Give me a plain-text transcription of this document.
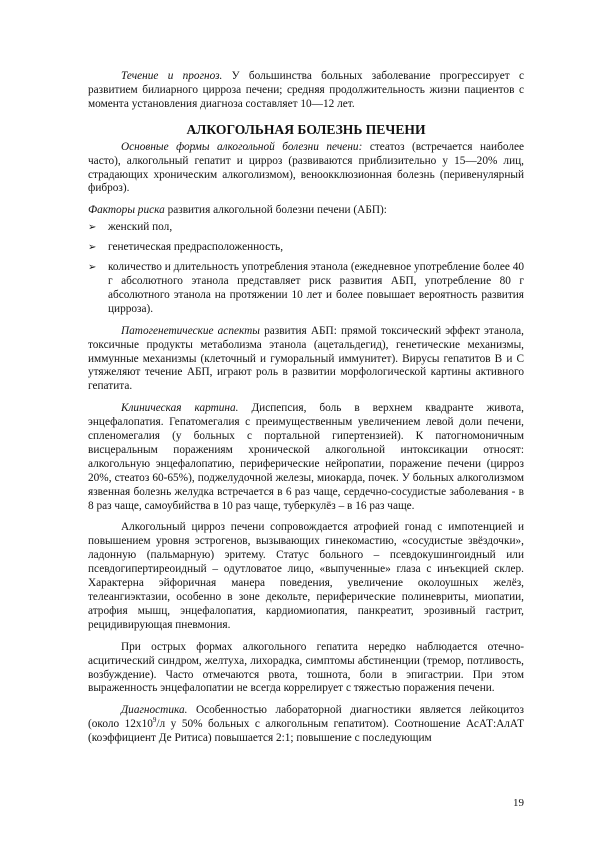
Течение и прогноз. У большинства больных заболевание прогрессирует с развитием билиарного цирроза печени; средняя продолжительность жизни пациентов с момента установления диагноза составляет 10—12 лет.

АЛКОГОЛЬНАЯ БОЛЕЗНЬ ПЕЧЕНИ

Основные формы алкогольной болезни печени: стеатоз (встречается наиболее часто), алкогольный гепатит и цирроз (развиваются приблизительно у 15—20% лиц, страдающих хроническим алкоголизмом), веноокклюзионная болезнь (перивенулярный фиброз).

Факторы риска развития алкогольной болезни печени (АБП):

➢	женский пол,
➢	генетическая предрасположенность,
➢	количество и длительность употребления этанола (ежедневное употребление более 40 г абсолютного этанола представляет риск развития АБП, употребление 80 г абсолютного этанола на протяжении 10 лет и более повышает вероятность развития цирроза).

Патогенетические аспекты развития АБП: прямой токсический эффект этанола, токсичные продукты метаболизма этанола (ацетальдегид), генетические механизмы, иммунные механизмы (клеточный и гуморальный иммунитет). Вирусы гепатитов В и С утяжеляют течение АБП, играют роль в развитии морфологической картины активного гепатита.

Клиническая картина. Диспепсия, боль в верхнем квадранте живота, энцефалопатия. Гепатомегалия с преимущественным увеличением левой доли печени, спленомегалия (у больных с портальной гипертензией). К патогномоничным висцеральным поражениям хронической алкогольной интоксикации относят: алкогольную энцефалопатию, периферические нейропатии, поражение печени (цирроз 20%, стеатоз 60-65%), поджелудочной железы, миокарда, почек. У больных алкоголизмом язвенная болезнь желудка встречается в 6 раз чаще, сердечно-сосудистые заболевания - в 8 раз чаще, самоубийства в 10 раз чаще, туберкулёз – в 16 раз чаще.

Алкогольный цирроз печени сопровождается атрофией гонад с импотенцией и повышением уровня эстрогенов, вызывающих гинекомастию, «сосудистые звёздочки», ладонную (пальмарную) эритему. Статус больного – псевдокушингоидный или псевдогипертиреоидный – одутловатое лицо, «выпученные» глаза с инъекцией склер. Характерна эйфоричная манера поведения, увеличение околоушных желёз, телеангиэктазии, особенно в зоне декольте, периферические полиневриты, миопатии, атрофия мышц, энцефалопатия, кардиомиопатия, панкреатит, эрозивный гастрит, рецидивирующая пневмония.

При острых формах алкогольного гепатита нередко наблюдается отечно-асцитический синдром, желтуха, лихорадка, симптомы абстиненции (тремор, потливость, возбуждение). Часто отмечаются рвота, тошнота, боли в эпигастрии. При этом выраженность энцефалопатии не всегда коррелирует с тяжестью поражения печени.

Диагностика. Особенностью лабораторной диагностики является лейкоцитоз (около $12х10^9/л$ у 50% больных с алкогольным гепатитом). Соотношение АсАТ:АлАТ (коэффициент Де Ритиса) повышается 2:1; повышение с последующим

19
